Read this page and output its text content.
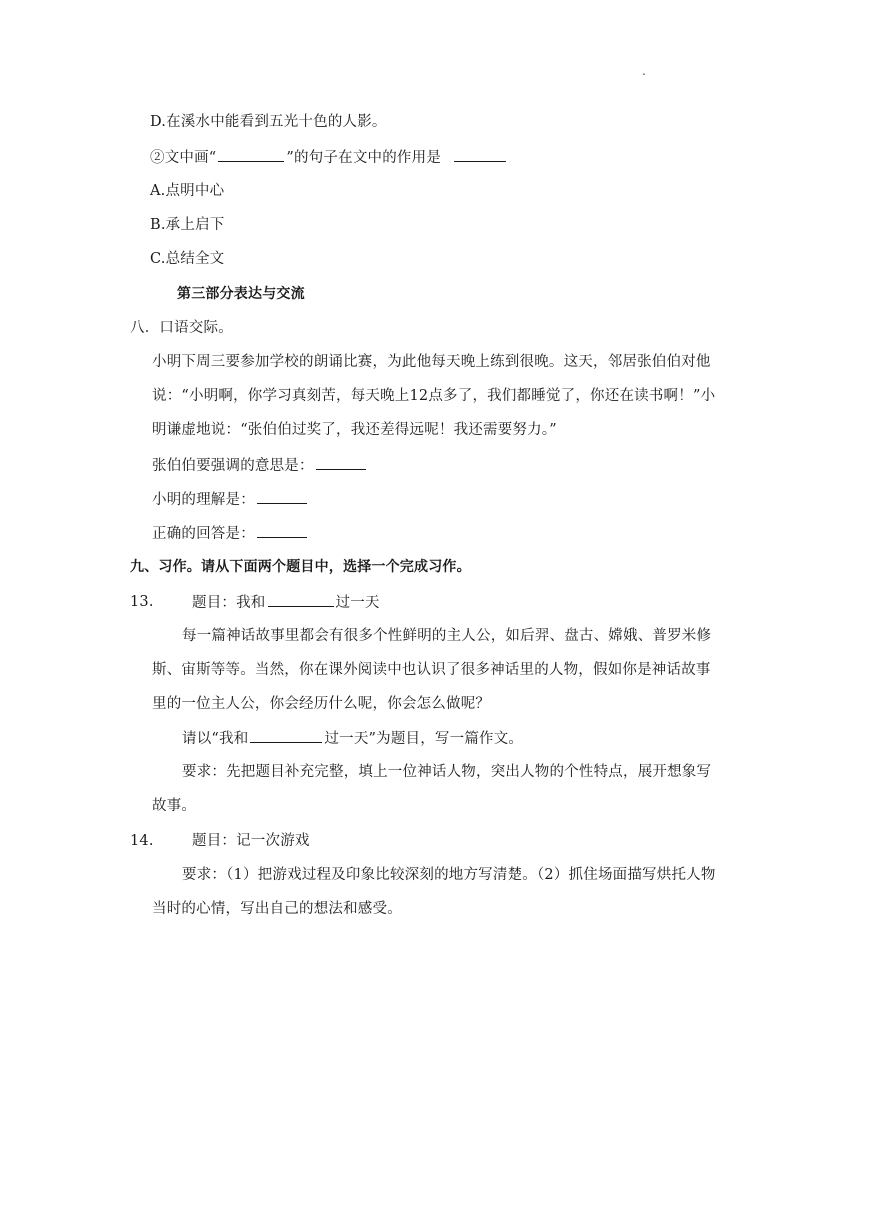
.
D.在溪水中能看到五光十色的人影。
②文中画“	”的句子在文中的作用是
A.点明中心
B.承上启下
C.总结全文
第三部分表达与交流
八．口语交际。
小明下周三要参加学校的朗诵比赛，为此他每天晚上练到很晚。这天，邻居张伯伯对他
说：“小明啊，你学习真刻苦，每天晚上12点多了，我们都睡觉了，你还在读书啊！”小
明谦虚地说：“张伯伯过奖了，我还差得远呢！我还需要努力。”
张伯伯要强调的意思是：
小明的理解是：
正确的回答是：
九、习作。请从下面两个题目中，选择一个完成习作。
13.	题目：我和	过一天
每一篇神话故事里都会有很多个性鲜明的主人公，如后羿、盘古、嫦娥、普罗米修
斯、宙斯等等。当然，你在课外阅读中也认识了很多神话里的人物，假如你是神话故事
里的一位主人公，你会经历什么呢，你会怎么做呢？
请以“我和	过一天”为题目，写一篇作文。
要求：先把题目补充完整，填上一位神话人物，突出人物的个性特点，展开想象写
故事。
14.	题目：记一次游戏
要求：（1）把游戏过程及印象比较深刻的地方写清楚。（2）抓住场面描写烘托人物
当时的心情，写出自己的想法和感受。
